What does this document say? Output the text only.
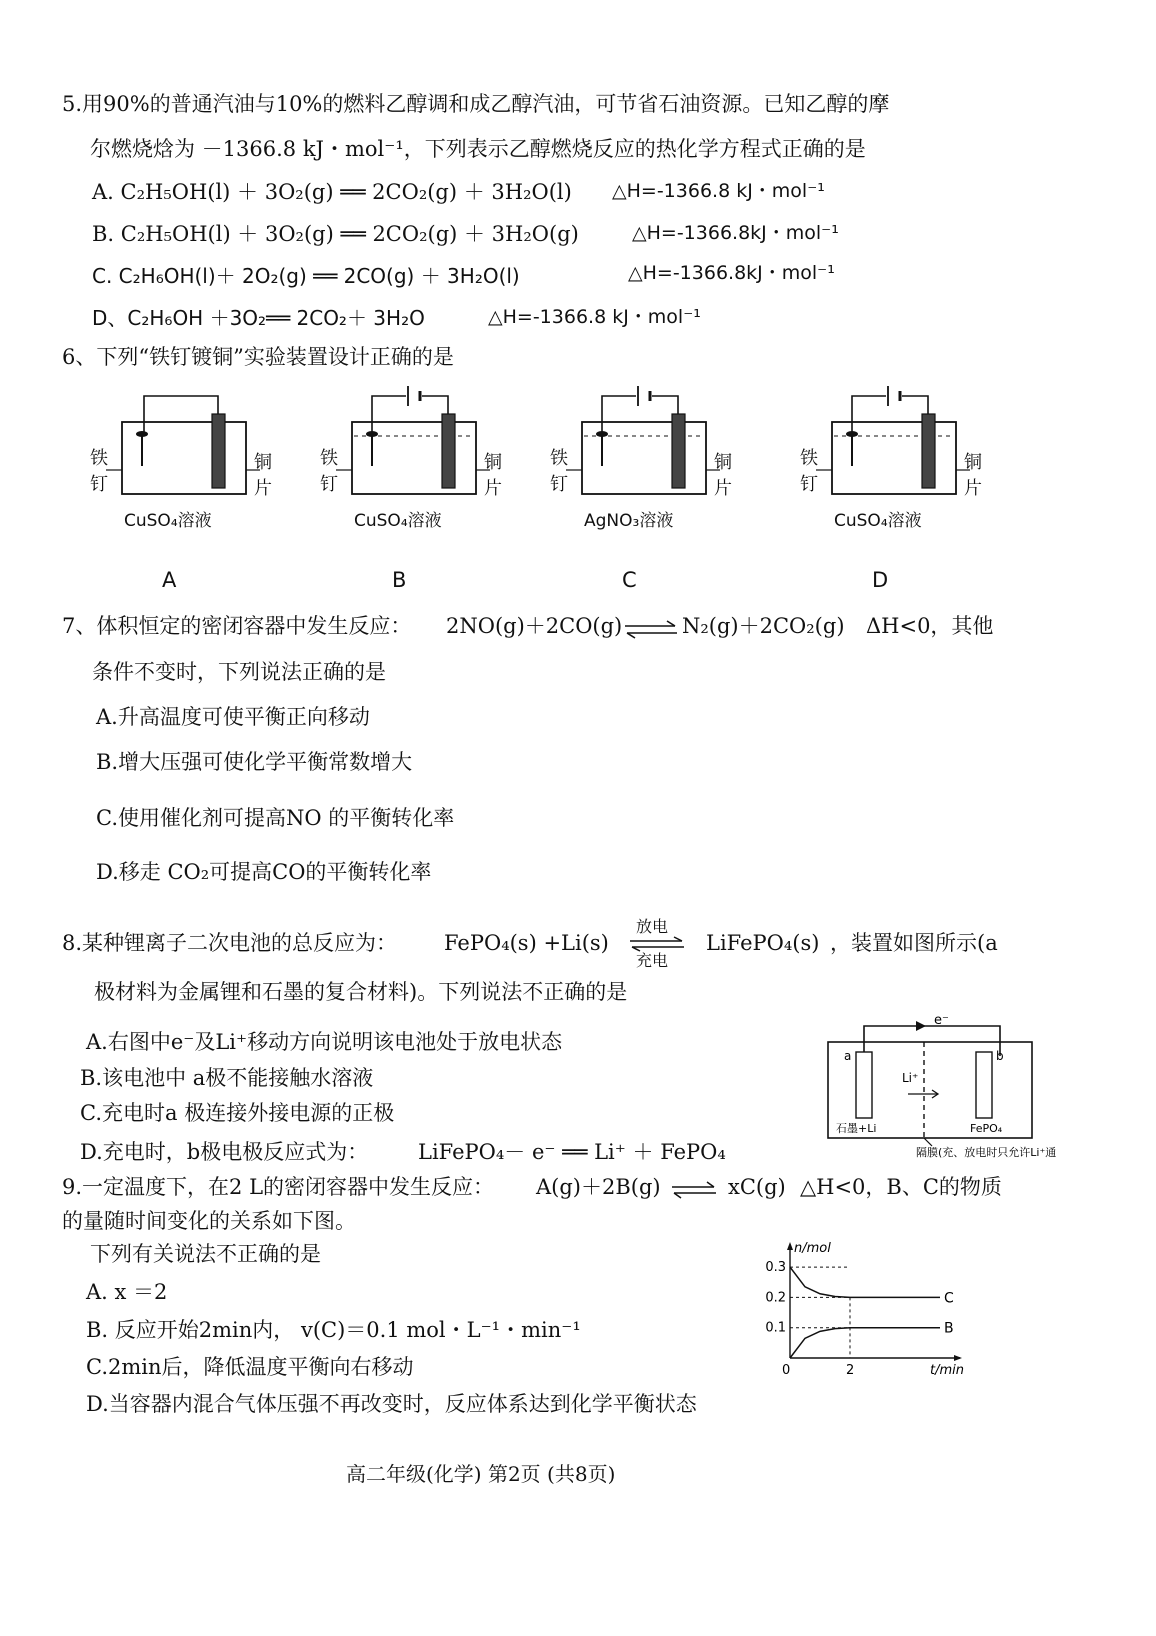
5.用90%的普通汽油与10%的燃料乙醇调和成乙醇汽油，可节省石油资源。已知乙醇的摩
尔燃烧焓为 －1366.8 kJ・mol⁻¹，下列表示乙醇燃烧反应的热化学方程式正确的是
A. C₂H₅OH(l) ＋ 3O₂(g) ══ 2CO₂(g) ＋ 3H₂O(l) △H=-1366.8 kJ・mol⁻¹
B. C₂H₅OH(l) ＋ 3O₂(g) ══ 2CO₂(g) ＋ 3H₂O(g)	△H=-1366.8kJ・mol⁻¹
C. C₂H₆OH(l)＋ 2O₂(g) ══ 2CO(g) ＋ 3H₂O(l)	△H=-1366.8kJ・mol⁻¹
D、C₂H₆OH ＋3O₂══ 2CO₂＋ 3H₂O	△H=-1366.8 kJ・mol⁻¹
6、下列“铁钉镀铜”实验装置设计正确的是
铁钉
铜片
CuSO₄溶液
A
铁钉
铜片
CuSO₄溶液
B
铁钉
铜片
AgNO₃溶液
C
铁钉
铜片
CuSO₄溶液
D
7、体积恒定的密闭容器中发生反应： 2NO(g)＋2CO(g) ⇌ N₂(g)＋2CO₂(g) ΔH<0，其他
条件不变时，下列说法正确的是
A.升高温度可使平衡正向移动
B.增大压强可使化学平衡常数增大
C.使用催化剂可提高NO 的平衡转化率
D.移走 CO₂可提高CO的平衡转化率
8.某种锂离子二次电池的总反应为： FePO₄(s) +Li(s)
放电
充电
LiFePO₄(s) ，装置如图所示(a
极材料为金属锂和石墨的复合材料)。下列说法不正确的是
A.右图中e⁻及Li⁺移动方向说明该电池处于放电状态
B.该电池中 a极不能接触水溶液
C.充电时a 极连接外接电源的正极
D.充电时，b极电极反应式为： LiFePO₄－ e⁻ ══ Li⁺ ＋ FePO₄
e⁻
a	b
Li⁺
石墨+Li	FePO₄
隔膜(充、放电时只允许Li⁺通
9.一定温度下，在2 L的密闭容器中发生反应： A(g)＋2B(g) ⇌ xC(g) △H<0，B、C的物质
的量随时间变化的关系如下图。
下列有关说法不正确的是
A. x ＝2
B. 反应开始2min内， v(C)＝0.1 mol・L⁻¹・min⁻¹
C.2min后，降低温度平衡向右移动
D.当容器内混合气体压强不再改变时，反应体系达到化学平衡状态
n/mol
t/min
0.1
0.2
0.3
0	2
C
B
高二年级(化学) 第2页 (共8页)
